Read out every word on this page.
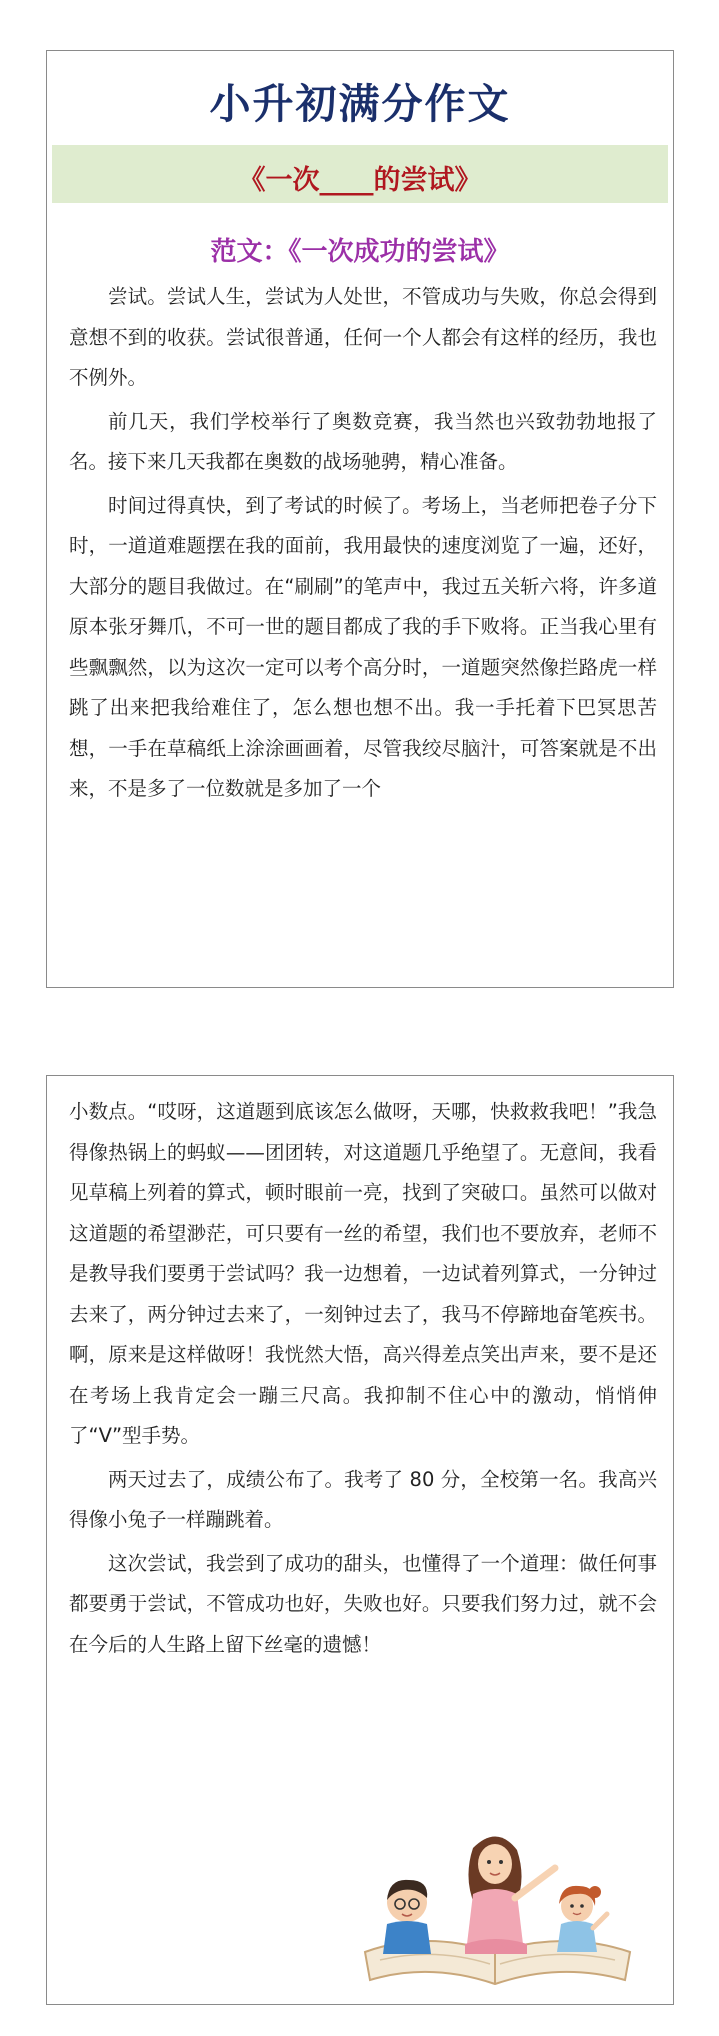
小升初满分作文
《一次____的尝试》
范文：《一次成功的尝试》

尝试。尝试人生，尝试为人处世，不管成功与失败，你总会得到意想不到的收获。尝试很普通，任何一个人都会有这样的经历，我也不例外。

前几天，我们学校举行了奥数竞赛，我当然也兴致勃勃地报了名。接下来几天我都在奥数的战场驰骋，精心准备。

时间过得真快，到了考试的时候了。考场上，当老师把卷子分下时，一道道难题摆在我的面前，我用最快的速度浏览了一遍，还好，大部分的题目我做过。在“刷刷”的笔声中，我过五关斩六将，许多道原本张牙舞爪，不可一世的题目都成了我的手下败将。正当我心里有些飘飘然，以为这次一定可以考个高分时，一道题突然像拦路虎一样跳了出来把我给难住了，怎么想也想不出。我一手托着下巴冥思苦想，一手在草稿纸上涂涂画画着，尽管我绞尽脑汁，可答案就是不出来，不是多了一位数就是多加了一个

小数点。“哎呀，这道题到底该怎么做呀，天哪，快救救我吧！”我急得像热锅上的蚂蚁——团团转，对这道题几乎绝望了。无意间，我看见草稿上列着的算式，顿时眼前一亮，找到了突破口。虽然可以做对这道题的希望渺茫，可只要有一丝的希望，我们也不要放弃，老师不是教导我们要勇于尝试吗？我一边想着，一边试着列算式，一分钟过去来了，两分钟过去来了，一刻钟过去了，我马不停蹄地奋笔疾书。啊，原来是这样做呀！我恍然大悟，高兴得差点笑出声来，要不是还在考场上我肯定会一蹦三尺高。我抑制不住心中的激动，悄悄伸了“V”型手势。

两天过去了，成绩公布了。我考了 80 分，全校第一名。我高兴得像小兔子一样蹦跳着。

这次尝试，我尝到了成功的甜头，也懂得了一个道理：做任何事都要勇于尝试，不管成功也好，失败也好。只要我们努力过，就不会在今后的人生路上留下丝毫的遗憾！
